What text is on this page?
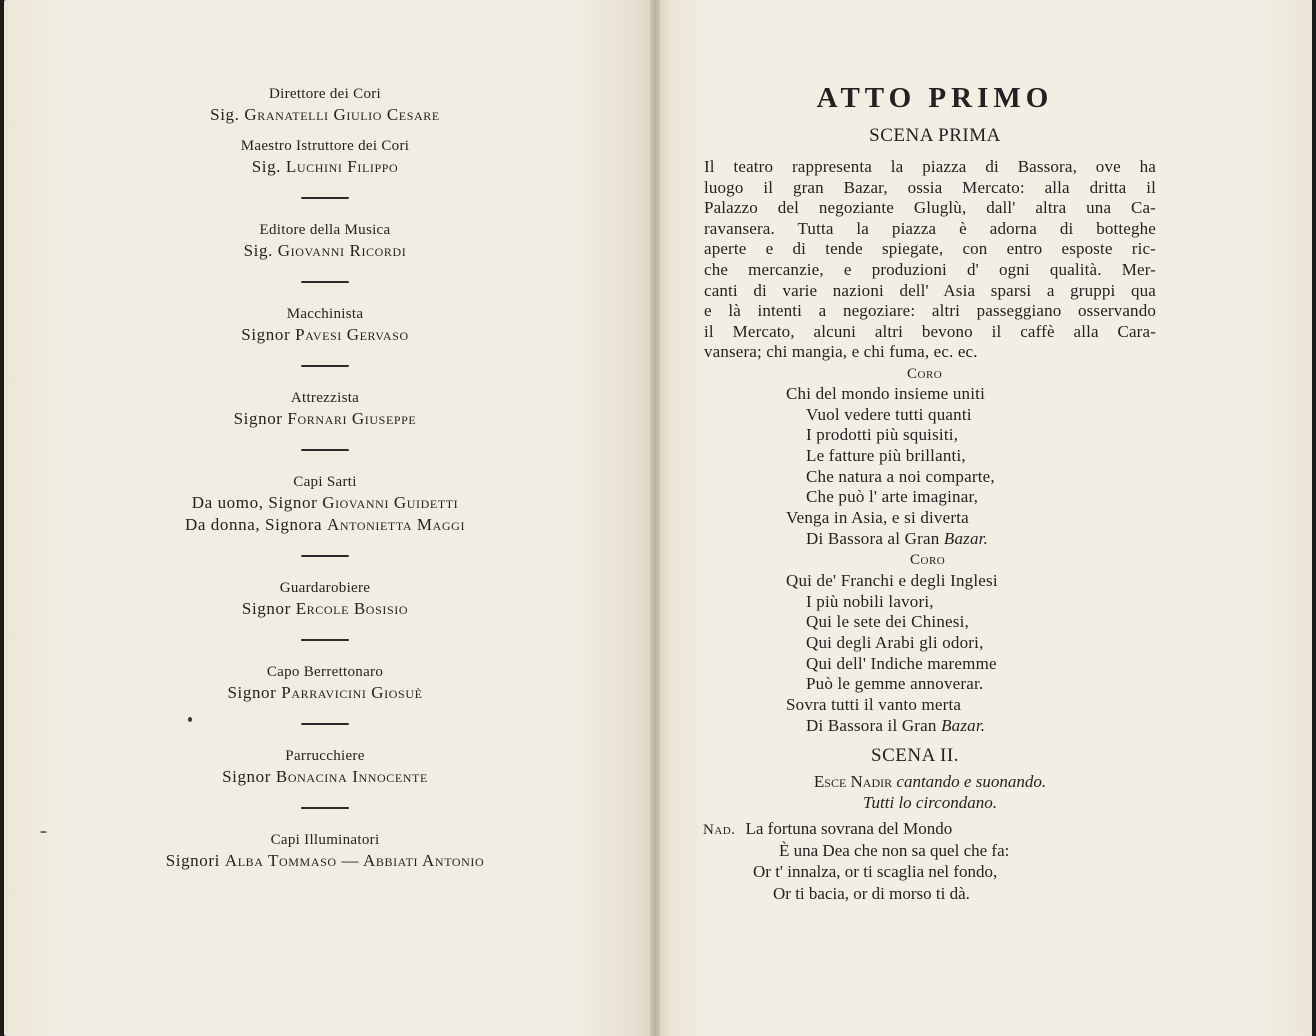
Direttore dei Cori
Sig. Granatelli Giulio Cesare
Maestro Istruttore dei Cori
Sig. Luchini Filippo
Editore della Musica
Sig. Giovanni Ricordi
Macchinista
Signor Pavesi Gervaso
Attrezzista
Signor Fornari Giuseppe
Capi Sarti
Da uomo, Signor Giovanni Guidetti
Da donna, Signora Antonietta Maggi
Guardarobiere
Signor Ercole Bosisio
Capo Berrettonaro
Signor Parravicini Giosuè
Parrucchiere
Signor Bonacina Innocente
Capi Illuminatori
Signori Alba Tommaso — Abbiati Antonio
ATTO PRIMO
SCENA PRIMA
Il teatro rappresenta la piazza di Bassora, ove ha
luogo il gran Bazar, ossia Mercato: alla dritta il
Palazzo del negoziante Gluglù, dall' altra una Ca-
ravansera. Tutta la piazza è adorna di botteghe
aperte e di tende spiegate, con entro esposte ric-
che mercanzie, e produzioni d' ogni qualità. Mer-
canti di varie nazioni dell' Asia sparsi a gruppi qua
e là intenti a negoziare: altri passeggiano osservando
il Mercato, alcuni altri bevono il caffè alla Cara-
vansera; chi mangia, e chi fuma, ec. ec.
Coro
Chi del mondo insieme uniti
Vuol vedere tutti quanti
I prodotti più squisiti,
Le fatture più brillanti,
Che natura a noi comparte,
Che può l' arte imaginar,
Venga in Asia, e si diverta
Di Bassora al Gran Bazar.
Coro
Qui de' Franchi e degli Inglesi
I più nobili lavori,
Qui le sete dei Chinesi,
Qui degli Arabi gli odori,
Qui dell' Indiche maremme
Può le gemme annoverar.
Sovra tutti il vanto merta
Di Bassora il Gran Bazar.
SCENA II.
Esce Nadir cantando e suonando.
Tutti lo circondano.
Nad. La fortuna sovrana del Mondo
È una Dea che non sa quel che fa:
Or t' innalza, or ti scaglia nel fondo,
Or ti bacia, or di morso ti dà.
